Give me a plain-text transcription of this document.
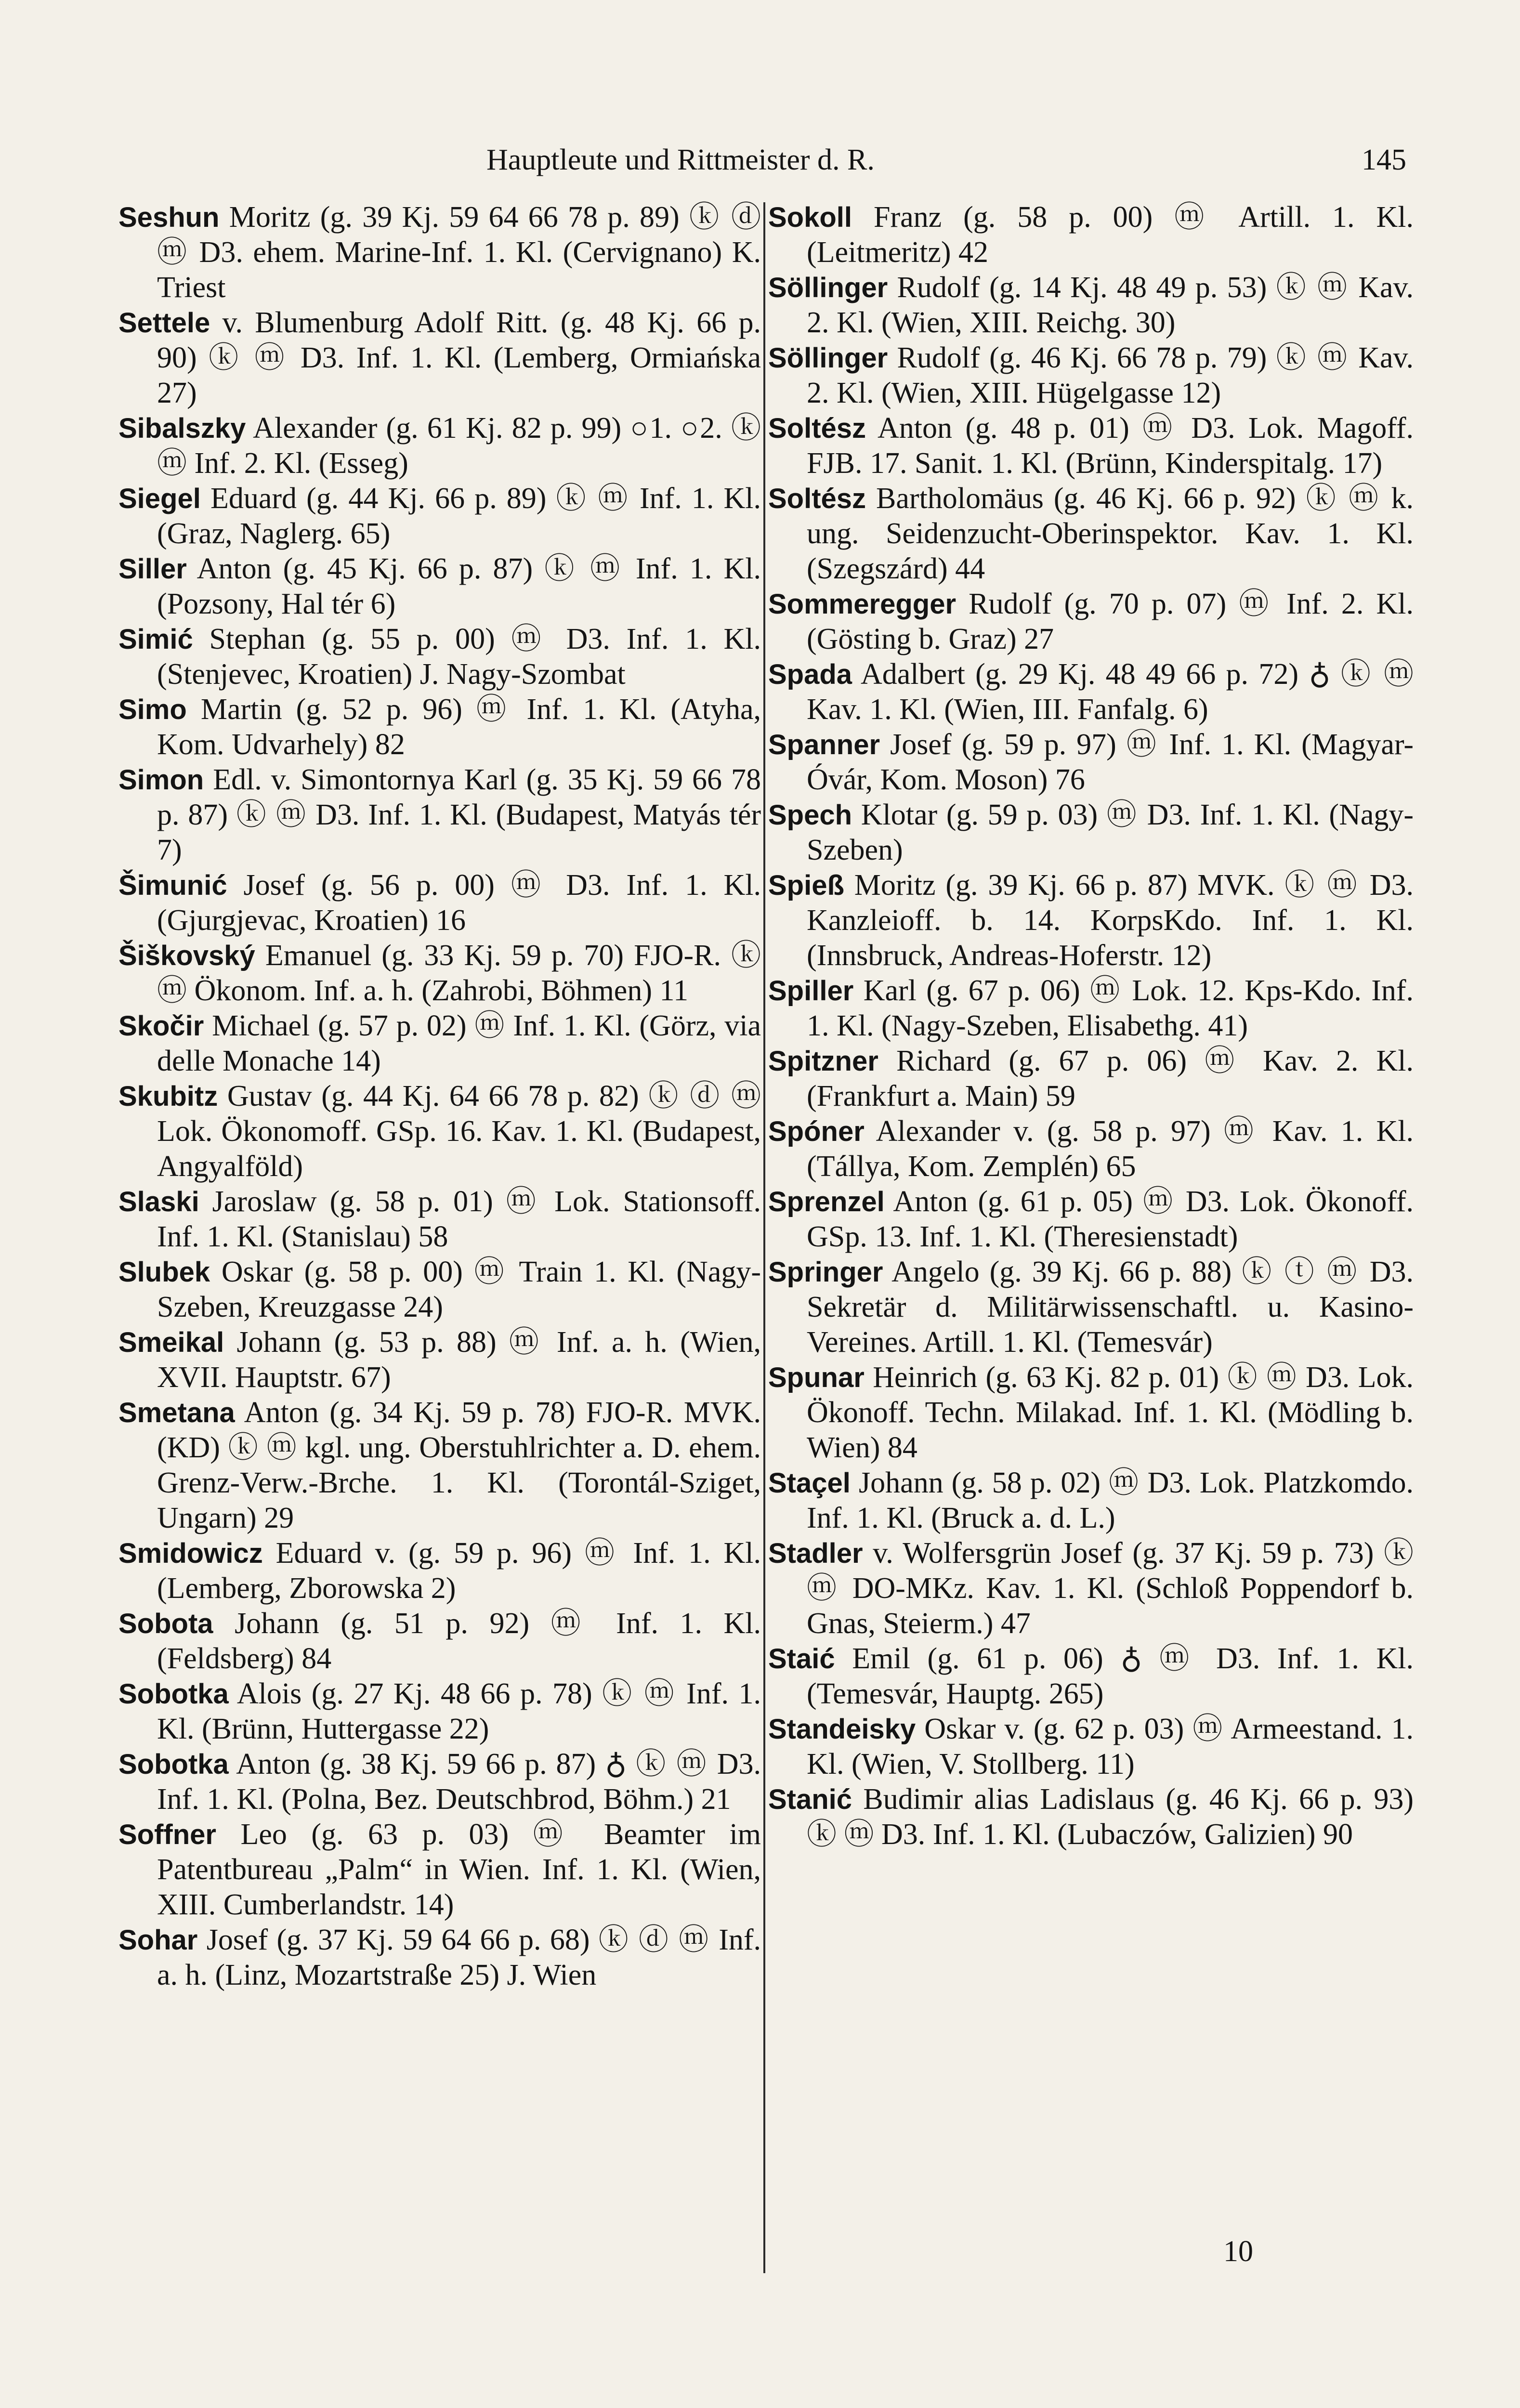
Hauptleute und Rittmeister d. R.	145

Seshun Moritz (g. 39 Kj. 59 64 66 78 p. 89) ⓚ ⓓ ⓜ D3. ehem. Marine-Inf. 1. Kl. (Cervignano) K. Triest

Settele v. Blumenburg Adolf Ritt. (g. 48 Kj. 66 p. 90) ⓚ ⓜ D3. Inf. 1. Kl. (Lemberg, Ormiańska 27)

Sibalszky Alexander (g. 61 Kj. 82 p. 99) ○1. ○2. ⓚ ⓜ Inf. 2. Kl. (Esseg)

Siegel Eduard (g. 44 Kj. 66 p. 89) ⓚ ⓜ Inf. 1. Kl. (Graz, Naglerg. 65)

Siller Anton (g. 45 Kj. 66 p. 87) ⓚ ⓜ Inf. 1. Kl. (Pozsony, Hal tér 6)

Simić Stephan (g. 55 p. 00) ⓜ D3. Inf. 1. Kl. (Stenjevec, Kroatien) J. Nagy-Szombat

Simo Martin (g. 52 p. 96) ⓜ Inf. 1. Kl. (Atyha, Kom. Udvarhely) 82

Simon Edl. v. Simontornya Karl (g. 35 Kj. 59 66 78 p. 87) ⓚ ⓜ D3. Inf. 1. Kl. (Budapest, Matyás tér 7)

Šimunić Josef (g. 56 p. 00) ⓜ D3. Inf. 1. Kl. (Gjurgjevac, Kroatien) 16

Šiškovský Emanuel (g. 33 Kj. 59 p. 70) FJO-R. ⓚ ⓜ Ökonom. Inf. a. h. (Zahrobi, Böhmen) 11

Skočir Michael (g. 57 p. 02) ⓜ Inf. 1. Kl. (Görz, via delle Monache 14)

Skubitz Gustav (g. 44 Kj. 64 66 78 p. 82) ⓚ ⓓ ⓜ Lok. Ökonomoff. GSp. 16. Kav. 1. Kl. (Budapest, Angyalföld)

Slaski Jaroslaw (g. 58 p. 01) ⓜ Lok. Stationsoff. Inf. 1. Kl. (Stanislau) 58

Slubek Oskar (g. 58 p. 00) ⓜ Train 1. Kl. (Nagy-Szeben, Kreuzgasse 24)

Smeikal Johann (g. 53 p. 88) ⓜ Inf. a. h. (Wien, XVII. Hauptstr. 67)

Smetana Anton (g. 34 Kj. 59 p. 78) FJO-R. MVK. (KD) ⓚ ⓜ kgl. ung. Oberstuhlrichter a. D. ehem. Grenz-Verw.-Brche. 1. Kl. (Torontál-Sziget, Ungarn) 29

Smidowicz Eduard v. (g. 59 p. 96) ⓜ Inf. 1. Kl. (Lemberg, Zborowska 2)

Sobota Johann (g. 51 p. 92) ⓜ Inf. 1. Kl. (Feldsberg) 84

Sobotka Alois (g. 27 Kj. 48 66 p. 78) ⓚ ⓜ Inf. 1. Kl. (Brünn, Huttergasse 22)

Sobotka Anton (g. 38 Kj. 59 66 p. 87) ♁ ⓚ ⓜ D3. Inf. 1. Kl. (Polna, Bez. Deutschbrod, Böhm.) 21

Soffner Leo (g. 63 p. 03) ⓜ Beamter im Patentbureau „Palm“ in Wien. Inf. 1. Kl. (Wien, XIII. Cumberlandstr. 14)

Sohar Josef (g. 37 Kj. 59 64 66 p. 68) ⓚ ⓓ ⓜ Inf. a. h. (Linz, Mozartstraße 25) J. Wien

Sokoll Franz (g. 58 p. 00) ⓜ Artill. 1. Kl. (Leitmeritz) 42

Söllinger Rudolf (g. 14 Kj. 48 49 p. 53) ⓚ ⓜ Kav. 2. Kl. (Wien, XIII. Reichg. 30)

Söllinger Rudolf (g. 46 Kj. 66 78 p. 79) ⓚ ⓜ Kav. 2. Kl. (Wien, XIII. Hügelgasse 12)

Soltész Anton (g. 48 p. 01) ⓜ D3. Lok. Magoff. FJB. 17. Sanit. 1. Kl. (Brünn, Kinderspitalg. 17)

Soltész Bartholomäus (g. 46 Kj. 66 p. 92) ⓚ ⓜ k. ung. Seidenzucht-Oberinspektor. Kav. 1. Kl. (Szegszárd) 44

Sommeregger Rudolf (g. 70 p. 07) ⓜ Inf. 2. Kl. (Gösting b. Graz) 27

Spada Adalbert (g. 29 Kj. 48 49 66 p. 72) ♁ ⓚ ⓜ Kav. 1. Kl. (Wien, III. Fanfalg. 6)

Spanner Josef (g. 59 p. 97) ⓜ Inf. 1. Kl. (Magyar-Óvár, Kom. Moson) 76

Spech Klotar (g. 59 p. 03) ⓜ D3. Inf. 1. Kl. (Nagy-Szeben)

Spieß Moritz (g. 39 Kj. 66 p. 87) MVK. ⓚ ⓜ D3. Kanzleioff. b. 14. KorpsKdo. Inf. 1. Kl. (Innsbruck, Andreas-Hoferstr. 12)

Spiller Karl (g. 67 p. 06) ⓜ Lok. 12. Kps-Kdo. Inf. 1. Kl. (Nagy-Szeben, Elisabethg. 41)

Spitzner Richard (g. 67 p. 06) ⓜ Kav. 2. Kl. (Frankfurt a. Main) 59

Spóner Alexander v. (g. 58 p. 97) ⓜ Kav. 1. Kl. (Tállya, Kom. Zemplén) 65

Sprenzel Anton (g. 61 p. 05) ⓜ D3. Lok. Ökonoff. GSp. 13. Inf. 1. Kl. (Theresienstadt)

Springer Angelo (g. 39 Kj. 66 p. 88) ⓚ ⓣ ⓜ D3. Sekretär d. Militärwissenschaftl. u. Kasino-Vereines. Artill. 1. Kl. (Temesvár)

Spunar Heinrich (g. 63 Kj. 82 p. 01) ⓚ ⓜ D3. Lok. Ökonoff. Techn. Milakad. Inf. 1. Kl. (Mödling b. Wien) 84

Staçel Johann (g. 58 p. 02) ⓜ D3. Lok. Platzkomdo. Inf. 1. Kl. (Bruck a. d. L.)

Stadler v. Wolfersgrün Josef (g. 37 Kj. 59 p. 73) ⓚ ⓜ DO-MKz. Kav. 1. Kl. (Schloß Poppendorf b. Gnas, Steierm.) 47

Staić Emil (g. 61 p. 06) ♁ ⓜ D3. Inf. 1. Kl. (Temesvár, Hauptg. 265)

Standeisky Oskar v. (g. 62 p. 03) ⓜ Armeestand. 1. Kl. (Wien, V. Stollberg. 11)

Stanić Budimir alias Ladislaus (g. 46 Kj. 66 p. 93) ⓚ ⓜ D3. Inf. 1. Kl. (Lubaczów, Galizien) 90

10
